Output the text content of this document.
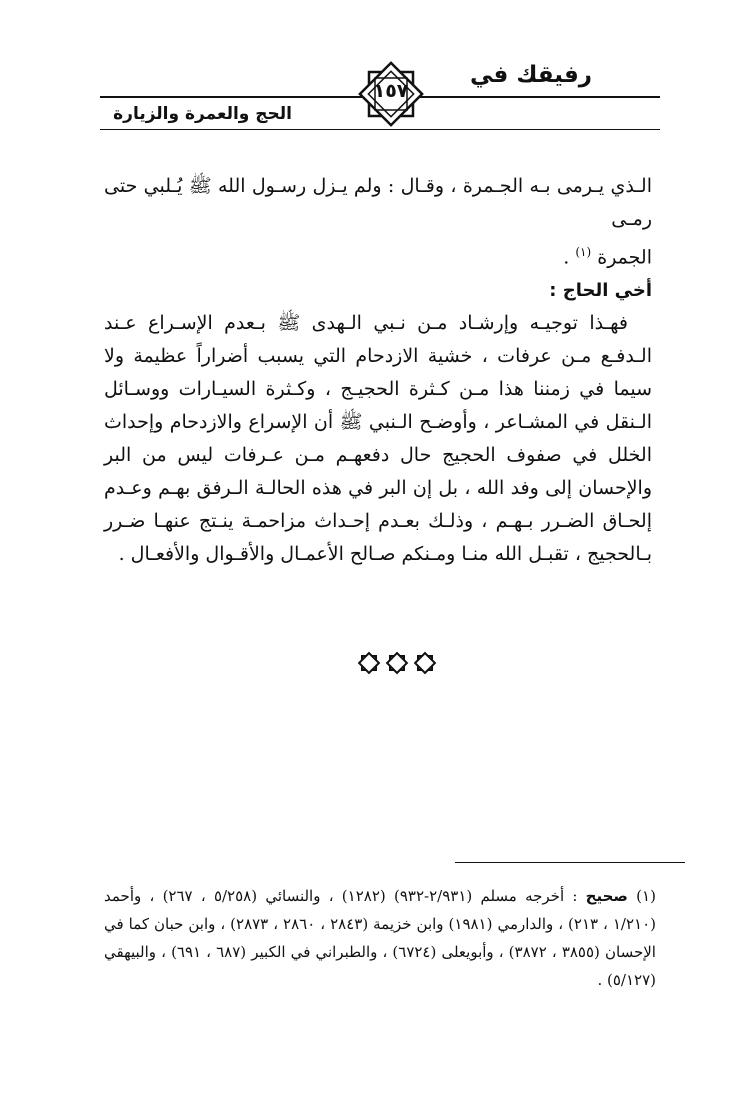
رفيقك في
الحج والعمرة والزيارة
١٥٧

الـذي يـرمى بـه الجـمرة ، وقـال : ولم يـزل رسـول الله ﷺ يُـلبي حتى رمـى

الجمرة $^{(١)}$ .

أخي الحاج :

فهـذا توجيـه وإرشـاد مـن نـبي الـهدى ﷺ بـعدم الإسـراع عـند الـدفـع مـن عرفات ، خشية الازدحام التي يسبب أضراراً عظيمة ولا سيما في زمننا هذا مـن كـثرة الحجيـج ، وكـثرة السيـارات ووسـائل الـنقل في المشـاعر ، وأوضـح الـنبي ﷺ أن الإسراع والازدحام وإحداث الخلل في صفوف الحجيج حال دفعهـم مـن عـرفات ليس من البر والإحسان إلى وفد الله ، بل إن البر في هذه الحالـة الـرفق بهـم وعـدم إلحـاق الضـرر بـهـم ، وذلـك بعـدم إحـداث مزاحمـة ينـتج عنهـا ضـرر بـالحجيج ، تقبـل الله منـا ومـنكم صـالح الأعمـال والأقـوال والأفعـال .

(١) صحيح : أخرجه مسلم (٢/٩٣١-٩٣٢) (١٢٨٢) ، والنسائي (٥/٢٥٨ ، ٢٦٧) ، وأحمد (١/٢١٠ ، ٢١٣) ، والدارمي (١٩٨١) وابن خزيمة (٢٨٤٣ ، ٢٨٦٠ ، ٢٨٧٣) ، وابن حبان كما في الإحسان (٣٨٥٥ ، ٣٨٧٢) ، وأبويعلى (٦٧٢٤) ، والطبراني في الكبير (٦٨٧ ، ٦٩١) ، والبيهقي (٥/١٢٧) .
